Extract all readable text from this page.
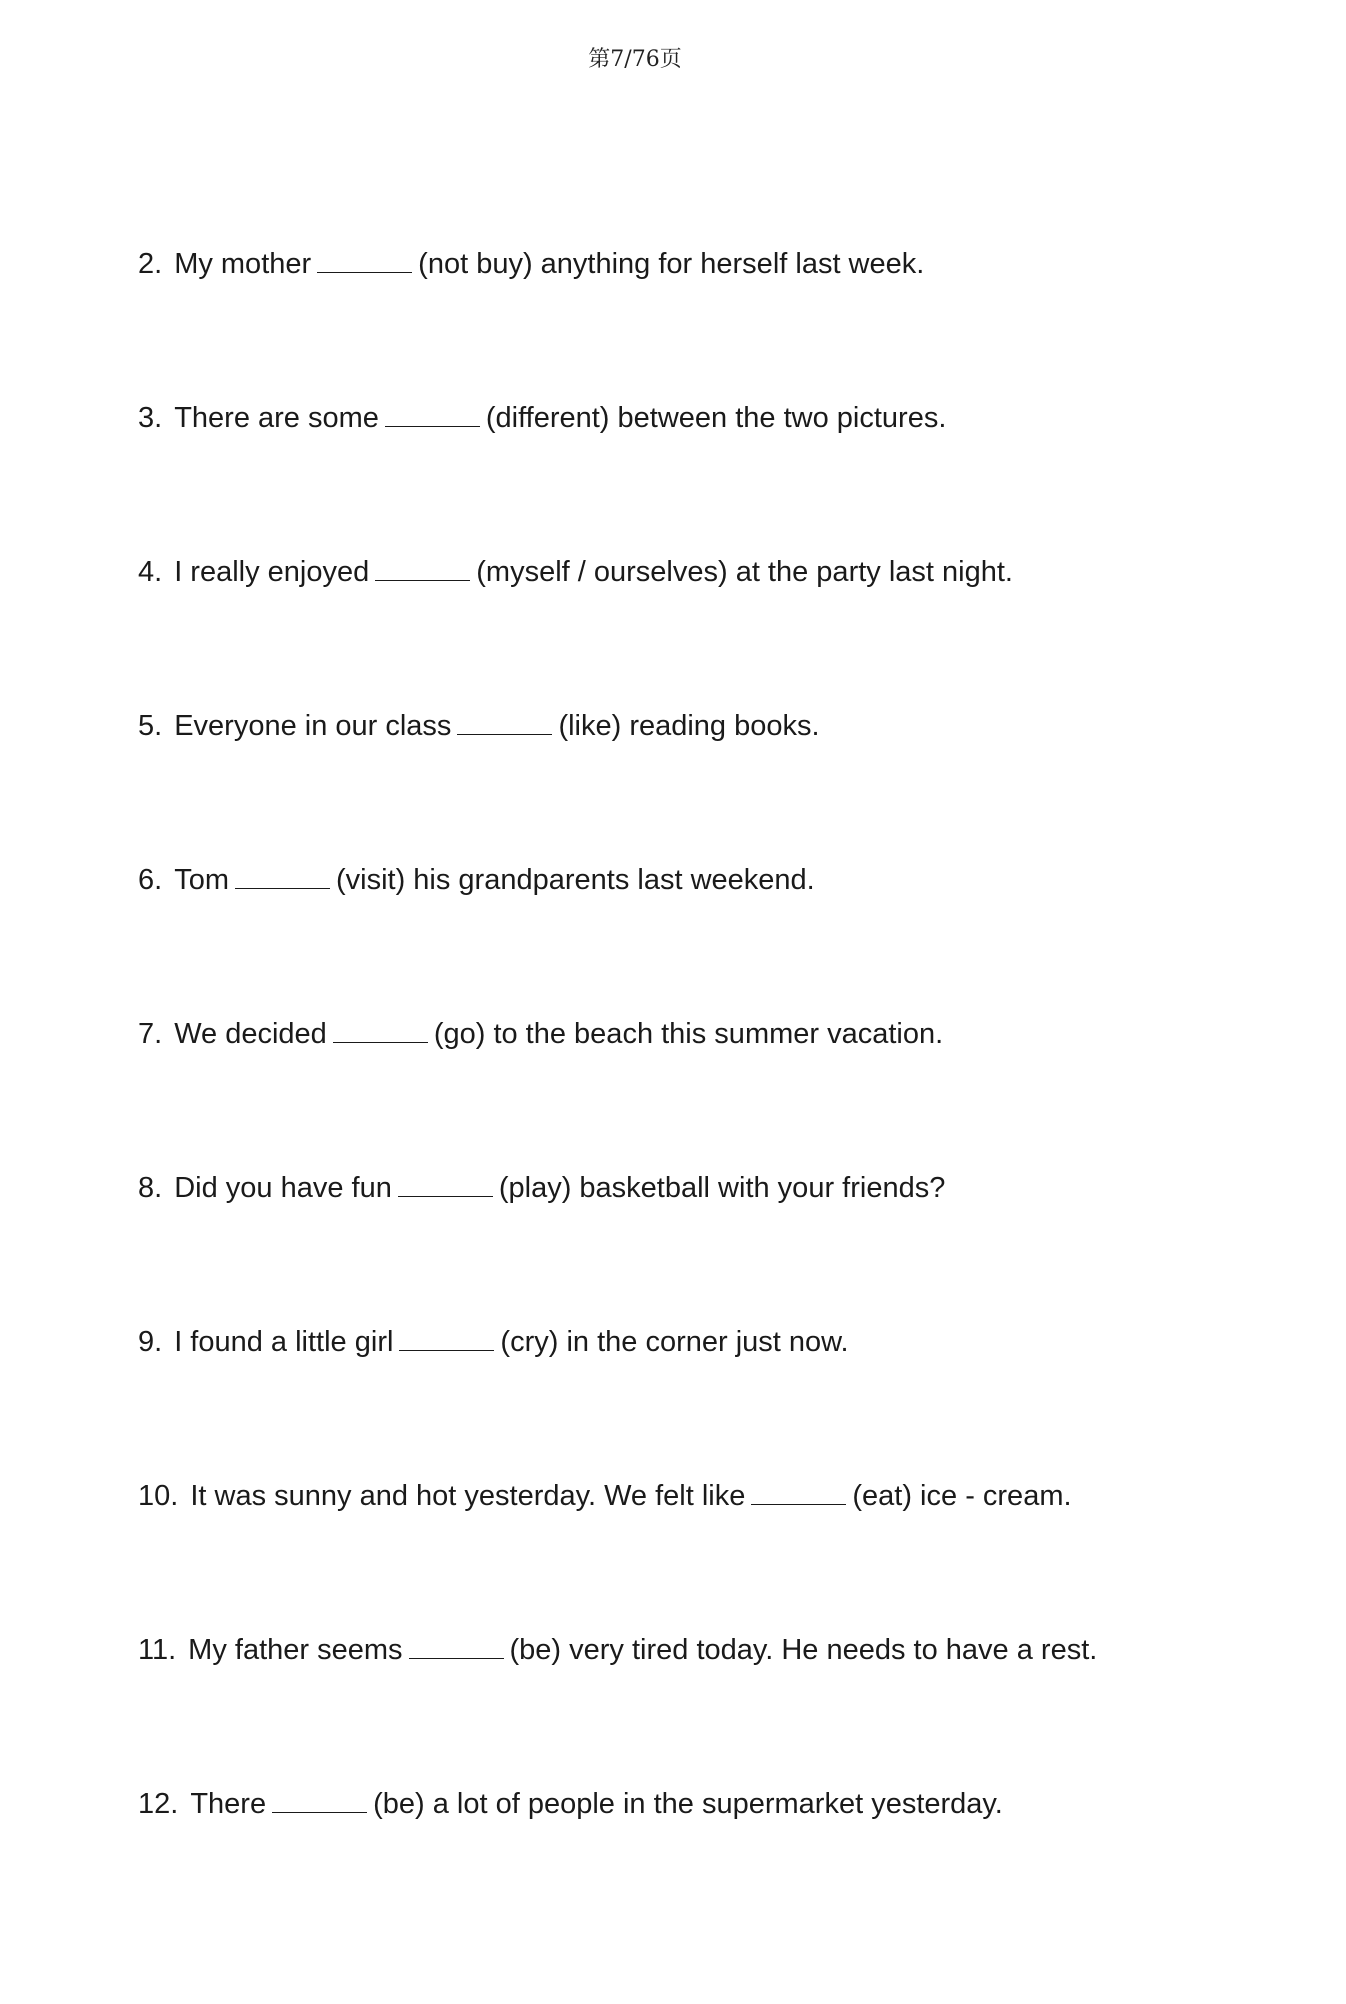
第7/76页
2. My mother	(not buy) anything for herself last week.
3. There are some	(different) between the two pictures.
4. I really enjoyed	(myself / ourselves) at the party last night.
5. Everyone in our class	(like) reading books.
6. Tom	(visit) his grandparents last weekend.
7. We decided	(go) to the beach this summer vacation.
8. Did you have fun	(play) basketball with your friends?
9. I found a little girl	(cry) in the corner just now.
10. It was sunny and hot yesterday. We felt like	(eat) ice - cream.
11. My father seems	(be) very tired today. He needs to have a rest.
12. There	(be) a lot of people in the supermarket yesterday.
